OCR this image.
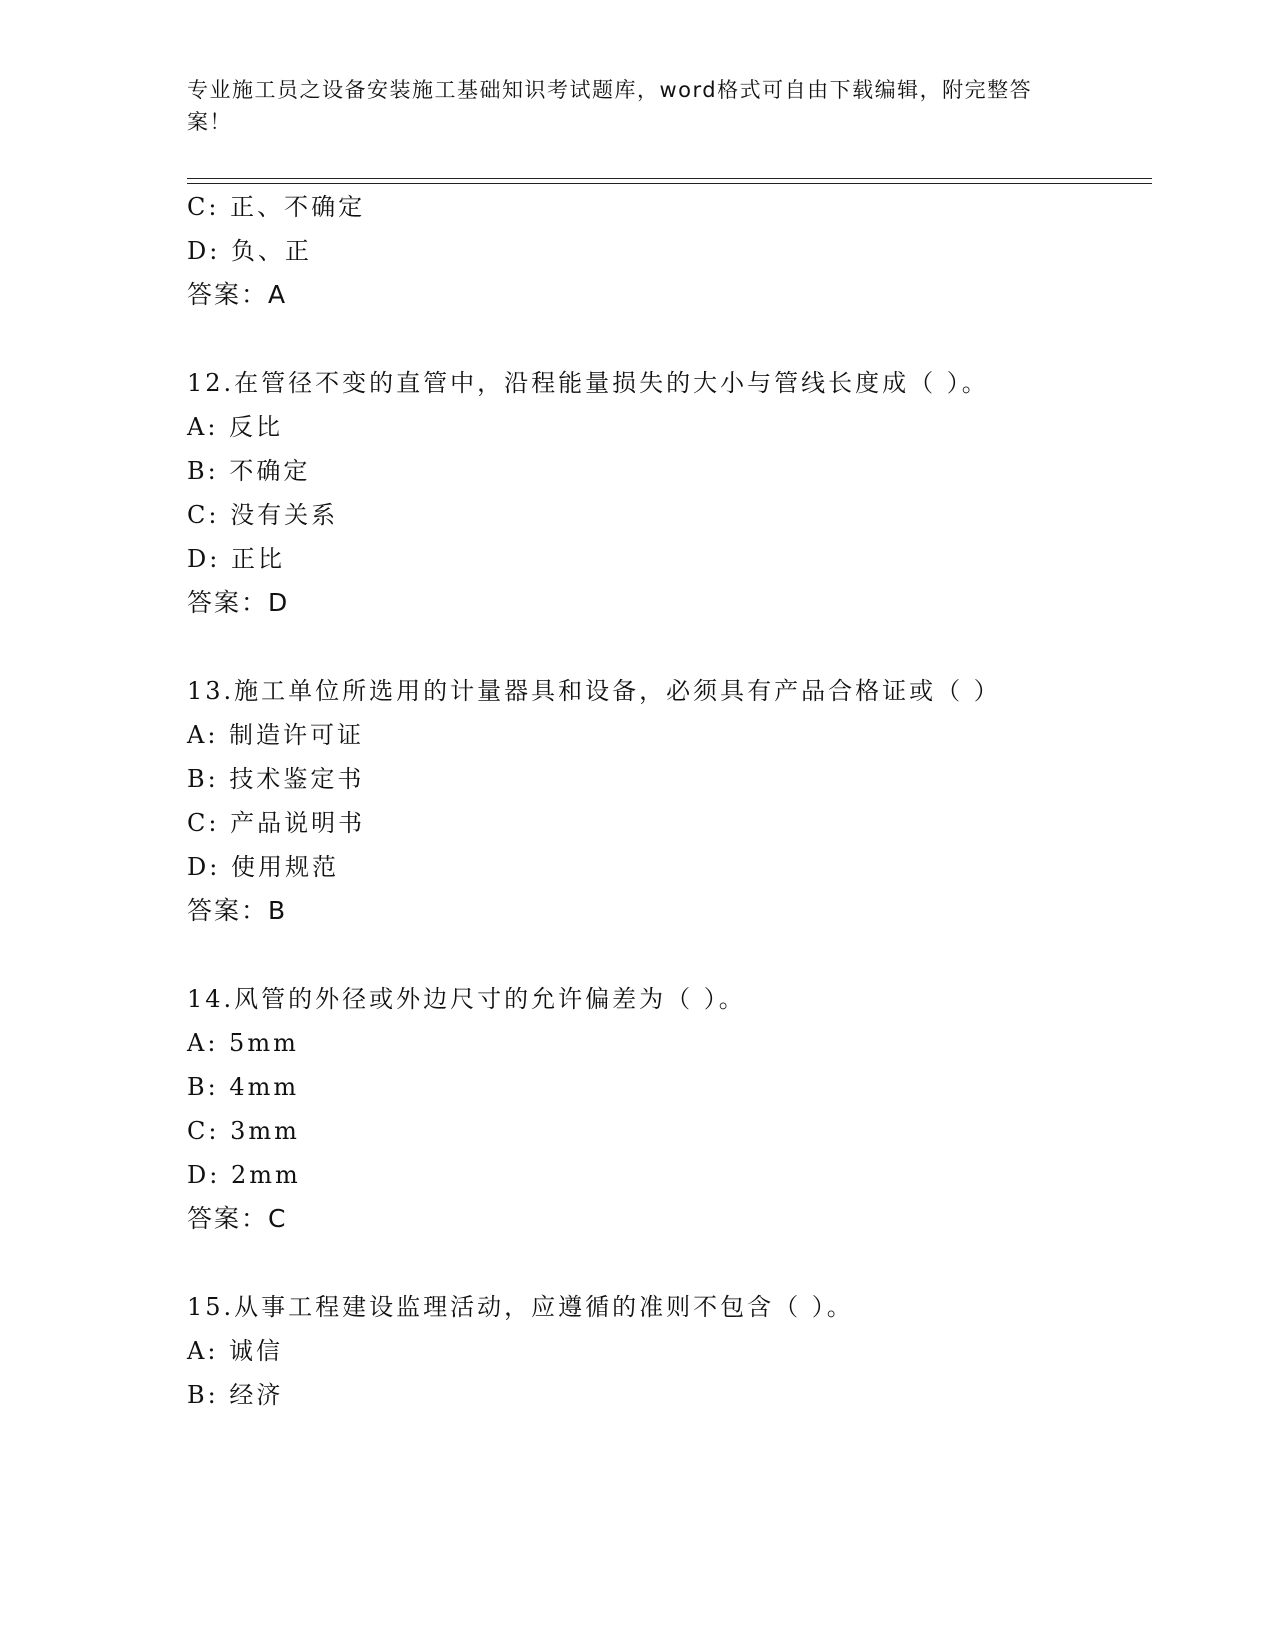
专业施工员之设备安装施工基础知识考试题库，word格式可自由下载编辑，附完整答案！
C: 正、不确定
D: 负、正
答案：A
12.在管径不变的直管中，沿程能量损失的大小与管线长度成（ ）。
A: 反比
B: 不确定
C: 没有关系
D: 正比
答案：D
13.施工单位所选用的计量器具和设备，必须具有产品合格证或（ ）
A: 制造许可证
B: 技术鉴定书
C: 产品说明书
D: 使用规范
答案：B
14.风管的外径或外边尺寸的允许偏差为（ ）。
A: 5mm
B: 4mm
C: 3mm
D: 2mm
答案：C
15.从事工程建设监理活动，应遵循的准则不包含（ ）。
A: 诚信
B: 经济
